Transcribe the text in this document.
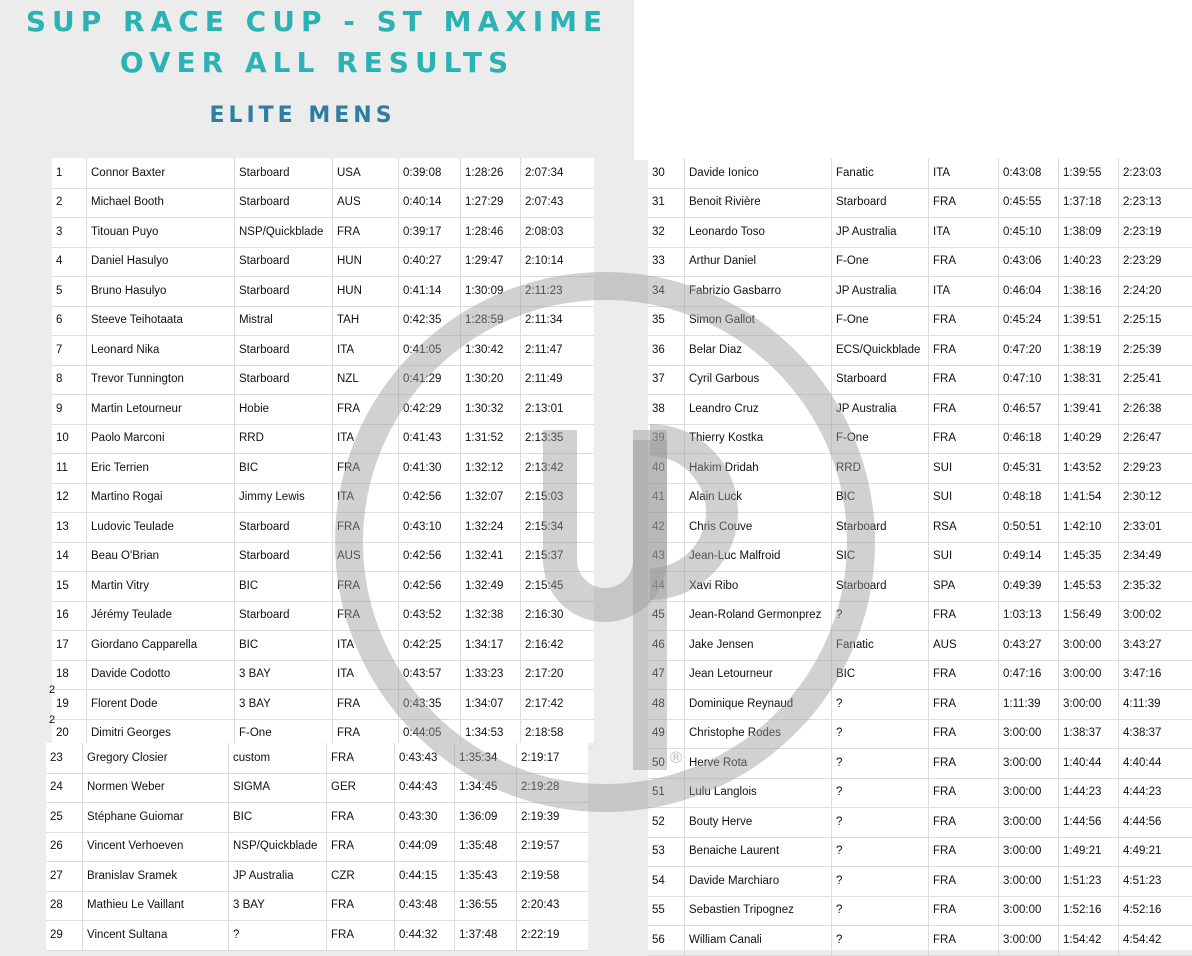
SUP RACE CUP - ST MAXIME
OVER ALL RESULTS
ELITE MENS
1	Connor Baxter	Starboard	USA	0:39:08	1:28:26	2:07:34
2	Michael Booth	Starboard	AUS	0:40:14	1:27:29	2:07:43
3	Titouan Puyo	NSP/Quickblade	FRA	0:39:17	1:28:46	2:08:03
4	Daniel Hasulyo	Starboard	HUN	0:40:27	1:29:47	2:10:14
5	Bruno Hasulyo	Starboard	HUN	0:41:14	1:30:09	2:11:23
6	Steeve Teihotaata	Mistral	TAH	0:42:35	1:28:59	2:11:34
7	Leonard Nika	Starboard	ITA	0:41:05	1:30:42	2:11:47
8	Trevor Tunnington	Starboard	NZL	0:41:29	1:30:20	2:11:49
9	Martin Letourneur	Hobie	FRA	0:42:29	1:30:32	2:13:01
10	Paolo Marconi	RRD	ITA	0:41:43	1:31:52	2:13:35
11	Eric Terrien	BIC	FRA	0:41:30	1:32:12	2:13:42
12	Martino Rogai	Jimmy Lewis	ITA	0:42:56	1:32:07	2:15:03
13	Ludovic Teulade	Starboard	FRA	0:43:10	1:32:24	2:15:34
14	Beau O'Brian	Starboard	AUS	0:42:56	1:32:41	2:15:37
15	Martin Vitry	BIC	FRA	0:42:56	1:32:49	2:15:45
16	Jérémy Teulade	Starboard	FRA	0:43:52	1:32:38	2:16:30
17	Giordano Capparella	BIC	ITA	0:42:25	1:34:17	2:16:42
18	Davide Codotto	3 BAY	ITA	0:43:57	1:33:23	2:17:20
19	Florent Dode	3 BAY	FRA	0:43:35	1:34:07	2:17:42
20	Dimitri Georges	F-One	FRA	0:44:05	1:34:53	2:18:58
23	Gregory Closier	custom	FRA	0:43:43	1:35:34	2:19:17
24	Normen Weber	SIGMA	GER	0:44:43	1:34:45	2:19:28
25	Stéphane Guiomar	BIC	FRA	0:43:30	1:36:09	2:19:39
26	Vincent Verhoeven	NSP/Quickblade	FRA	0:44:09	1:35:48	2:19:57
27	Branislav Sramek	JP Australia	CZR	0:44:15	1:35:43	2:19:58
28	Mathieu Le Vaillant	3 BAY	FRA	0:43:48	1:36:55	2:20:43
29	Vincent Sultana	?	FRA	0:44:32	1:37:48	2:22:19
30	Davide Ionico	Fanatic	ITA	0:43:08	1:39:55	2:23:03
31	Benoit Rivière	Starboard	FRA	0:45:55	1:37:18	2:23:13
32	Leonardo Toso	JP Australia	ITA	0:45:10	1:38:09	2:23:19
33	Arthur Daniel	F-One	FRA	0:43:06	1:40:23	2:23:29
34	Fabrizio Gasbarro	JP Australia	ITA	0:46:04	1:38:16	2:24:20
35	Simon Gallot	F-One	FRA	0:45:24	1:39:51	2:25:15
36	Belar Diaz	ECS/Quickblade	FRA	0:47:20	1:38:19	2:25:39
37	Cyril Garbous	Starboard	FRA	0:47:10	1:38:31	2:25:41
38	Leandro Cruz	JP Australia	FRA	0:46:57	1:39:41	2:26:38
39	Thierry Kostka	F-One	FRA	0:46:18	1:40:29	2:26:47
40	Hakim Dridah	RRD	SUI	0:45:31	1:43:52	2:29:23
41	Alain Luck	BIC	SUI	0:48:18	1:41:54	2:30:12
42	Chris Couve	Starboard	RSA	0:50:51	1:42:10	2:33:01
43	Jean-Luc Malfroid	SIC	SUI	0:49:14	1:45:35	2:34:49
44	Xavi Ribo	Starboard	SPA	0:49:39	1:45:53	2:35:32
45	Jean-Roland Germonprez	?	FRA	1:03:13	1:56:49	3:00:02
46	Jake Jensen	Fanatic	AUS	0:43:27	3:00:00	3:43:27
47	Jean Letourneur	BIC	FRA	0:47:16	3:00:00	3:47:16
48	Dominique Reynaud	?	FRA	1:11:39	3:00:00	4:11:39
49	Christophe Rodes	?	FRA	3:00:00	1:38:37	4:38:37
50	Herve Rota	?	FRA	3:00:00	1:40:44	4:40:44
51	Lulu Langlois	?	FRA	3:00:00	1:44:23	4:44:23
52	Bouty Herve	?	FRA	3:00:00	1:44:56	4:44:56
53	Benaiche Laurent	?	FRA	3:00:00	1:49:21	4:49:21
54	Davide Marchiaro	?	FRA	3:00:00	1:51:23	4:51:23
55	Sebastien Tripognez	?	FRA	3:00:00	1:52:16	4:52:16
56	William Canali	?	FRA	3:00:00	1:54:42	4:54:42
2
2
®
